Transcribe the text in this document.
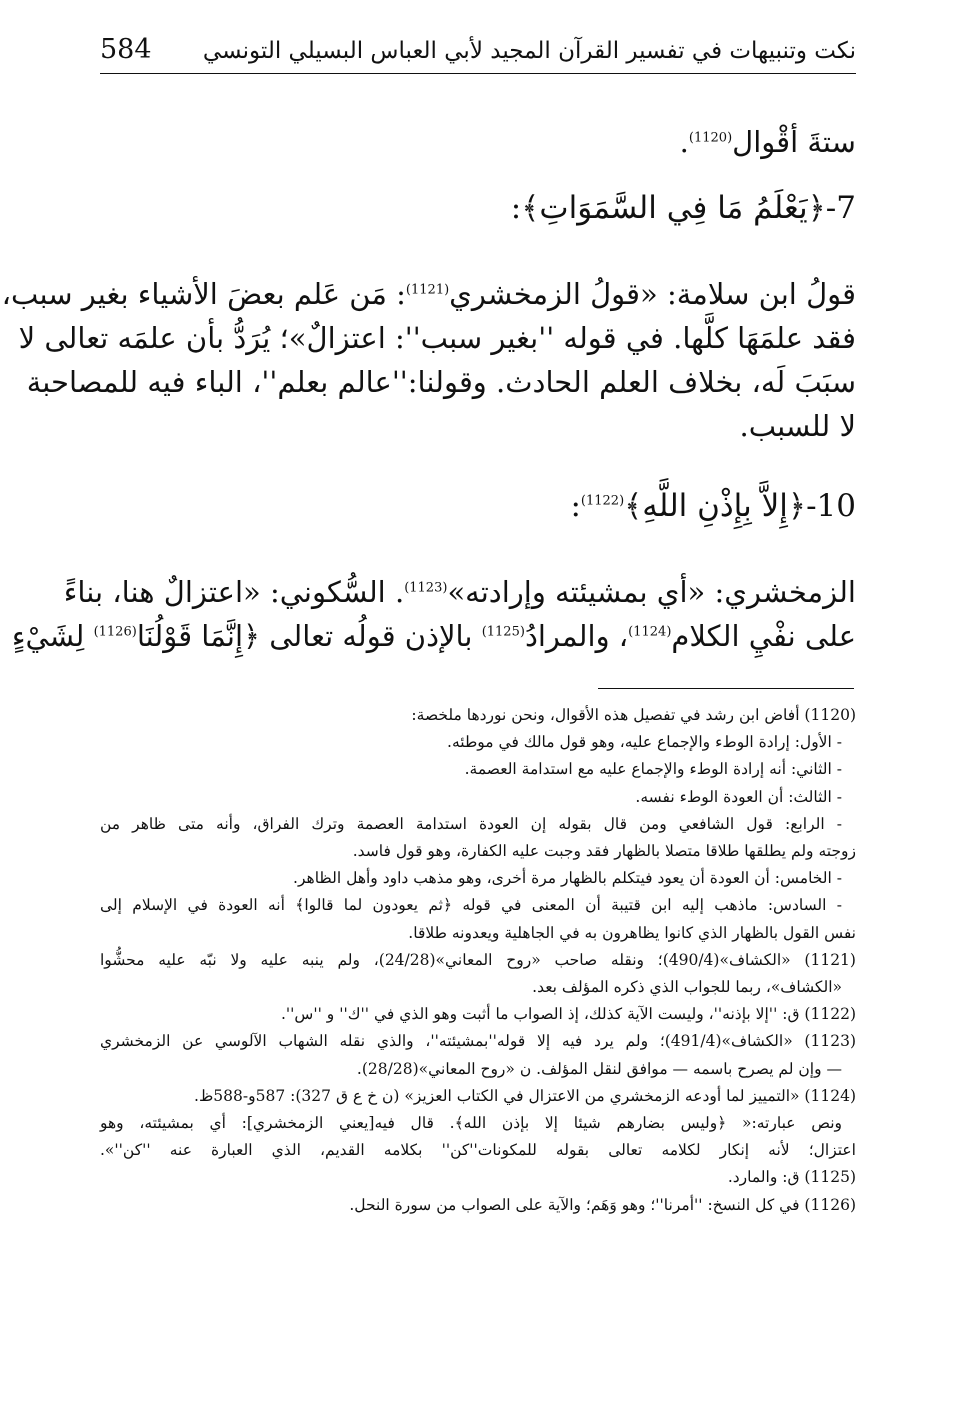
584 نكت وتنبيهات في تفسير القرآن المجيد لأبي العباس البسيلي التونسي
ستةَ أقْوال$^{(1120)}$.
7-﴿يَعْلَمُ مَا فِي السَّمَوَاتِ﴾:
قولُ ابن سلامة: «قولُ الزمخشري$^{(1121)}$: مَن عَلم بعضَ الأشياء بغير سبب،
فقد علمَهَا كلَّها. في قوله ''بغير سبب'': اعتزالٌ»؛ يُرَدُّ بأن علمَه تعالى لا
سبَبَ لَه، بخلاف العلم الحادث. وقولنا:''عالم بعلم''، الباء فيه للمصاحبة
لا للسبب.
10-﴿إِلاَّ بِإِذْنِ اللَّهِ﴾$^{(1122)}$:
الزمخشري: «أي بمشيئته وإرادته»$^{(1123)}$. السُّكوني: «اعتزالٌ هنا، بناءً
على نفْيِ الكلام$^{(1124)}$، والمرادُ$^{(1125)}$ بالإذن قولُه تعالى ﴿إِنَّمَا قَوْلُنَا$^{(1126)}$ لِشَيْءٍ
(1120) أفاض ابن رشد في تفصيل هذه الأقوال، ونحن نوردها ملخصة:
- الأول: إرادة الوطء والإجماع عليه، وهو قول مالك في موطئه.
- الثاني: أنه إرادة الوطء والإجماع عليه مع استدامة العصمة.
- الثالث: أن العودة الوطء نفسه.
- الرابع: قول الشافعي ومن قال بقوله إن العودة استدامة العصمة وترك الفراق، وأنه متى ظاهر من
زوجته ولم يطلقها طلاقا متصلا بالظهار فقد وجبت عليه الكفارة، وهو قول فاسد.
- الخامس: أن العودة أن يعود فيتكلم بالظهار مرة أخرى، وهو مذهب داود وأهل الظاهر.
- السادس: ماذهب إليه ابن قتيبة أن المعنى في قوله ﴿ثم يعودون لما قالوا﴾ أنه العودة في الإسلام إلى
نفس القول بالظهار الذي كانوا يظاهرون به في الجاهلية ويعدونه طلاقا.
(1121) «الكشاف»(490/4)؛ ونقله صاحب «روح المعاني»(24/28)، ولم ينبه عليه ولا نبّه عليه محشُّوا
«الكشاف»، ربما للجواب الذي ذكره المؤلف بعد.
(1122) ق: ''إلا بإذنه''، وليست الآية كذلك، إذ الصواب ما أثبت وهو الذي في ''ك'' و ''س''.
(1123) «الكشاف»(491/4)؛ ولم يرد فيه إلا قوله''بمشيئته''، والذي نقله الشهاب الآلوسي عن الزمخشري
— وإن لم يصرح باسمه — موافق لنقل المؤلف. ن «روح المعاني»(28/28).
(1124) «التمييز لما أودعه الزمخشري من الاعتزال في الكتاب العزيز» (ن خ ع ق 327): 587و-588ظ.
ونص عبارته:« ﴿وليس بضارهم شيئا إلا بإذن الله﴾. قال فيه[يعني الزمخشري]: أي بمشيئته، وهو
اعتزال؛ لأنه إنكار لكلامه تعالى بقوله للمكونات''كن'' بكلامه القديم، الذي العبارة عنه ''كن''».
(1125) ق: والمارد.
(1126) في كل النسخ: ''أمرنا''؛ وهو وَهَم؛ والآية على الصواب من سورة النحل.
